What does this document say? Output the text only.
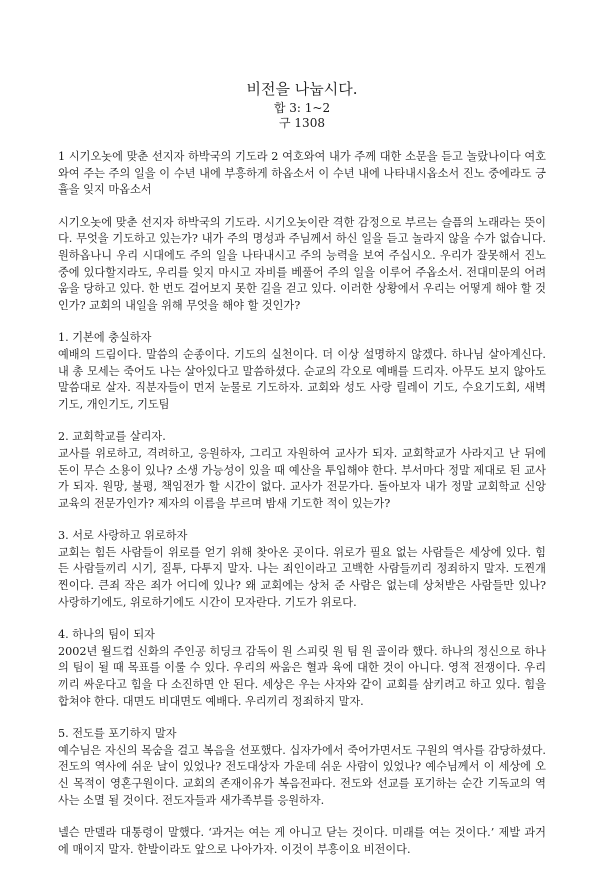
비전을 나눕시다.
합 3: 1~2
구 1308

1 시기오놋에 맞춘 선지자 하박국의 기도라 2 여호와여 내가 주께 대한 소문을 듣고 놀랐나이다 여호와여 주는 주의 일을 이 수년 내에 부흥하게 하옵소서 이 수년 내에 나타내시옵소서 진노 중에라도 긍휼을 잊지 마옵소서

시기오놋에 맞춘 선지자 하박국의 기도라. 시기오놋이란 격한 감정으로 부르는 슬픔의 노래라는 뜻이다. 무엇을 기도하고 있는가? 내가 주의 명성과 주님께서 하신 일을 듣고 놀라지 않을 수가 없습니다. 원하옵나니 우리 시대에도 주의 일을 나타내시고 주의 능력을 보여 주십시오. 우리가 잘못해서 진노 중에 있다할지라도, 우리를 잊지 마시고 자비를 베풀어 주의 일을 이루어 주옵소서. 전대미문의 어려움을 당하고 있다. 한 번도 걸어보지 못한 길을 걷고 있다. 이러한 상황에서 우리는 어떻게 해야 할 것인가? 교회의 내일을 위해 무엇을 해야 할 것인가?

1. 기본에 충실하자
예배의 드림이다. 말씀의 순종이다. 기도의 실천이다. 더 이상 설명하지 않겠다. 하나님 살아계신다. 내 총 모세는 죽어도 나는 살아있다고 말씀하셨다. 순교의 각오로 예배를 드리자. 아무도 보지 않아도 말씀대로 살자. 직분자들이 먼저 눈물로 기도하자. 교회와 성도 사랑 릴레이 기도, 수요기도회, 새벽기도, 개인기도, 기도팀
2. 교회학교를 살리자.
교사를 위로하고, 격려하고, 응원하자, 그리고 자원하여 교사가 되자. 교회학교가 사라지고 난 뒤에 돈이 무슨 소용이 있나? 소생 가능성이 있을 때 예산을 투입해야 한다. 부서마다 정말 제대로 된 교사가 되자. 원망, 불평, 책임전가 할 시간이 없다. 교사가 전문가다. 돌아보자 내가 정말 교회학교 신앙교육의 전문가인가? 제자의 이름을 부르며 밤새 기도한 적이 있는가?
3. 서로 사랑하고 위로하자
교회는 힘든 사람들이 위로를 얻기 위해 찾아온 곳이다. 위로가 필요 없는 사람들은 세상에 있다. 힘든 사람들끼리 시기, 질투, 다투지 말자. 나는 죄인이라고 고백한 사람들끼리 정죄하지 말자. 도찐개찐이다. 큰죄 작은 죄가 어디에 있나? 왜 교회에는 상처 준 사람은 없는데 상처받은 사람들만 있나? 사랑하기에도, 위로하기에도 시간이 모자란다. 기도가 위로다.
4. 하나의 팀이 되자
2002년 월드컵 신화의 주인공 히딩크 감독이 원 스피릿 원 팀 원 골이라 했다. 하나의 정신으로 하나의 팀이 될 때 목표를 이룰 수 있다. 우리의 싸움은 혈과 육에 대한 것이 아니다. 영적 전쟁이다. 우리끼리 싸운다고 힘을 다 소진하면 안 된다. 세상은 우는 사자와 같이 교회를 삼키려고 하고 있다. 힘을 합쳐야 한다. 대면도 비대면도 예배다. 우리끼리 정죄하지 말자.
5. 전도를 포기하지 말자
예수님은 자신의 목숨을 걸고 복음을 선포했다. 십자가에서 죽어가면서도 구원의 역사를 감당하셨다. 전도의 역사에 쉬운 날이 있었나? 전도대상자 가운데 쉬운 사람이 있었나? 예수님께서 이 세상에 오신 목적이 영혼구원이다. 교회의 존재이유가 복음전파다. 전도와 선교를 포기하는 순간 기독교의 역사는 소멸 될 것이다. 전도자들과 새가족부를 응원하자.

넬슨 만델라 대통령이 말했다. ‘과거는 여는 게 아니고 닫는 것이다. 미래를 여는 것이다.’ 제발 과거에 매이지 말자. 한발이라도 앞으로 나아가자. 이것이 부흥이요 비전이다.
